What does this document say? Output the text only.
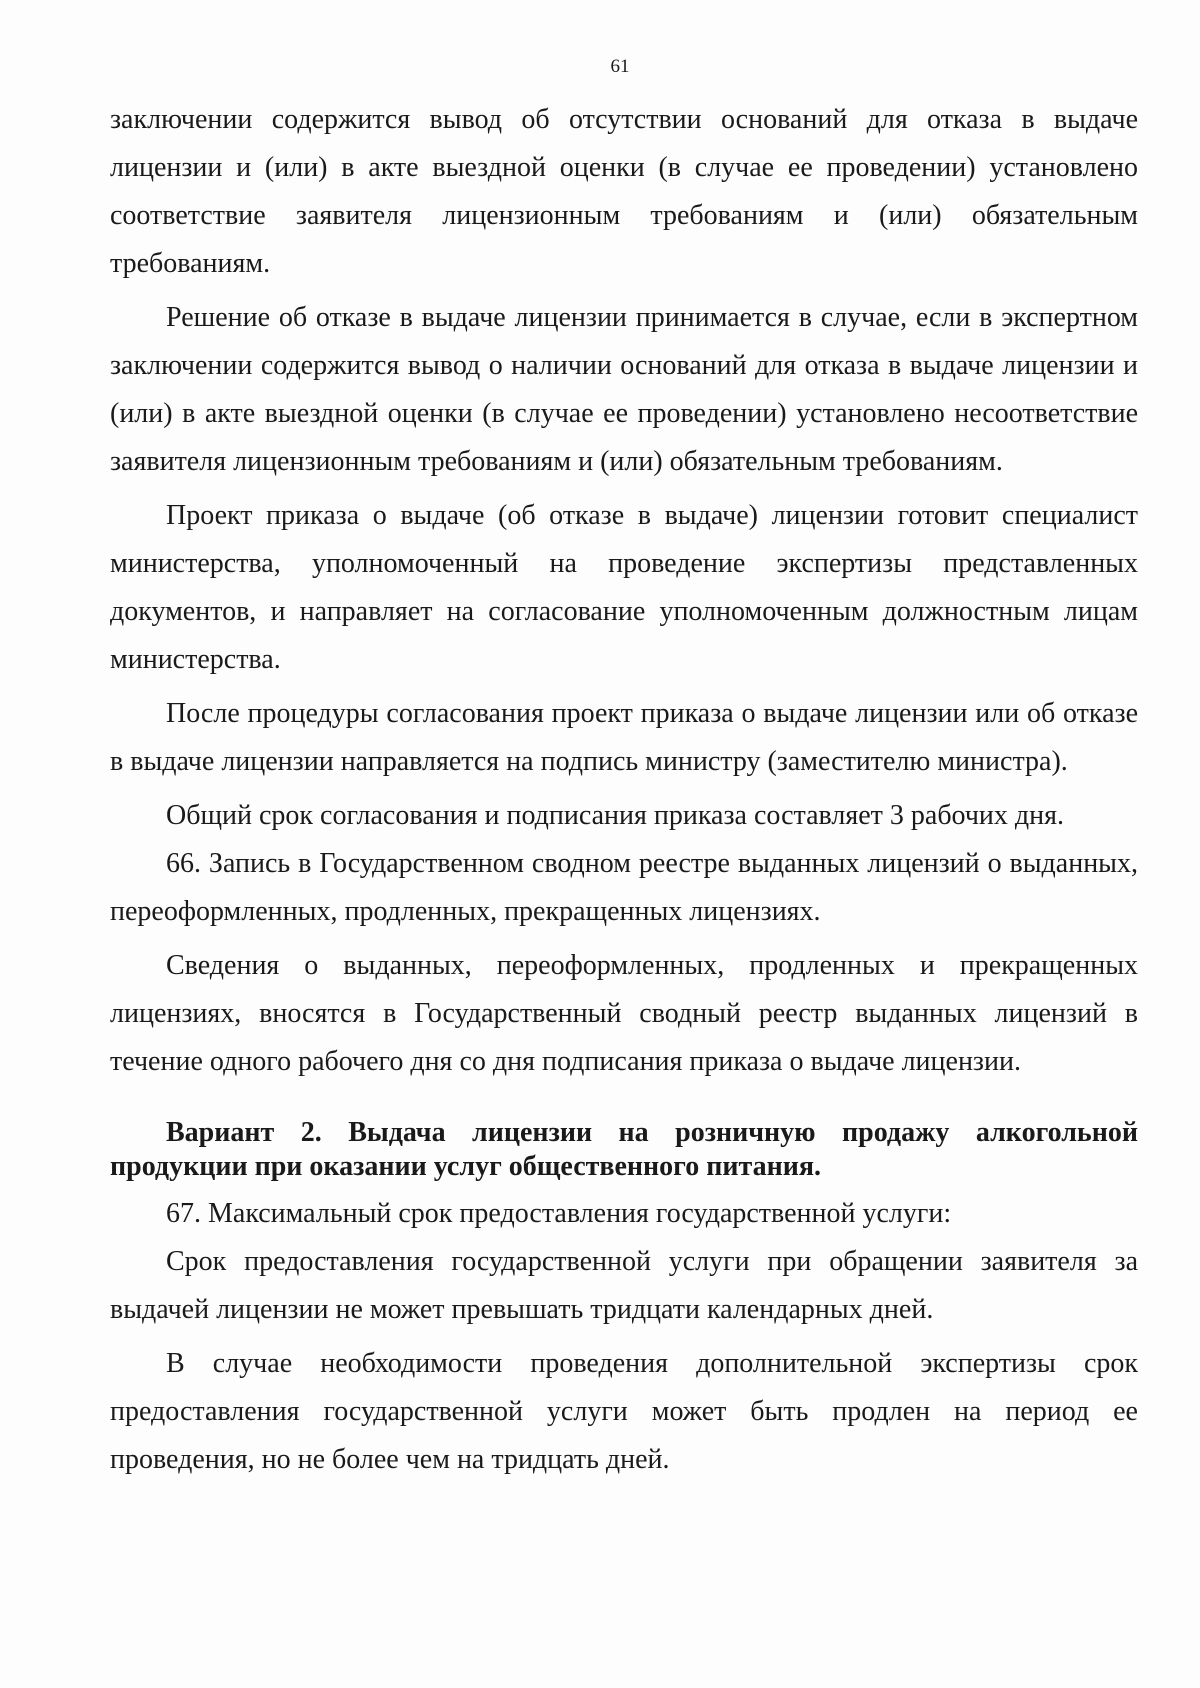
61

заключении содержится вывод об отсутствии оснований для отказа в выдаче лицензии и (или) в акте выездной оценки (в случае ее проведении) установлено соответствие заявителя лицензионным требованиям и (или) обязательным требованиям.

Решение об отказе в выдаче лицензии принимается в случае, если в экспертном заключении содержится вывод о наличии оснований для отказа в выдаче лицензии и (или) в акте выездной оценки (в случае ее проведении) установлено несоответствие заявителя лицензионным требованиям и (или) обязательным требованиям.

Проект приказа о выдаче (об отказе в выдаче) лицензии готовит специалист министерства, уполномоченный на проведение экспертизы представленных документов, и направляет на согласование уполномоченным должностным лицам министерства.

После процедуры согласования проект приказа о выдаче лицензии или об отказе в выдаче лицензии направляется на подпись министру (заместителю министра).

Общий срок согласования и подписания приказа составляет 3 рабочих дня.

66. Запись в Государственном сводном реестре выданных лицензий о выданных, переоформленных, продленных, прекращенных лицензиях.

Сведения о выданных, переоформленных, продленных и прекращенных лицензиях, вносятся в Государственный сводный реестр выданных лицензий в течение одного рабочего дня со дня подписания приказа о выдаче лицензии.

Вариант 2. Выдача лицензии на розничную продажу алкогольной продукции при оказании услуг общественного питания.

67. Максимальный срок предоставления государственной услуги:

Срок предоставления государственной услуги при обращении заявителя за выдачей лицензии не может превышать тридцати календарных дней.

В случае необходимости проведения дополнительной экспертизы срок предоставления государственной услуги может быть продлен на период ее проведения, но не более чем на тридцать дней.
